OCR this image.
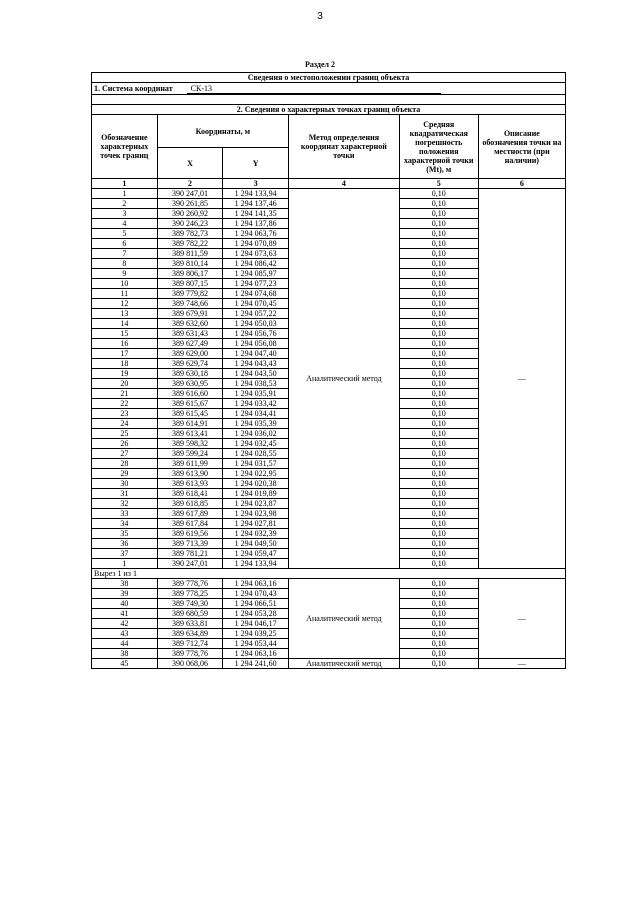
3
Раздел 2
Сведения о местоположении границ объекта					
1. Система координат СК-13					

2. Сведения о характерных точках границ объекта					
Обозначение характерных точек границ	Координаты, м		Метод определения координат характерной точки	Средняя квадратическая погрешность положения характерной точки (Mt), м	Описание обозначения точки на местности (при наличии)
	X	Y			
1	2	3	4	5	6
1	390 247,01	1 294 133,94	Аналитический метод	0,10	—
2	390 261,85	1 294 137,46		0,10	
3	390 260,92	1 294 141,35		0,10	
4	390 246,23	1 294 137,86		0,10	
5	389 782,73	1 294 063,76		0,10	
6	389 782,22	1 294 070,89		0,10	
7	389 811,59	1 294 073,63		0,10	
8	389 810,14	1 294 086,42		0,10	
9	389 806,17	1 294 085,97		0,10	
10	389 807,15	1 294 077,23		0,10	
11	389 779,82	1 294 074,68		0,10	
12	389 748,66	1 294 070,45		0,10	
13	389 679,91	1 294 057,22		0,10	
14	389 632,60	1 294 050,03		0,10	
15	389 631,43	1 294 056,76		0,10	
16	389 627,49	1 294 056,08		0,10	
17	389 629,00	1 294 047,40		0,10	
18	389 629,74	1 294 043,43		0,10	
19	389 630,18	1 294 043,50		0,10	
20	389 630,95	1 294 038,53		0,10	
21	389 616,60	1 294 035,91		0,10	
22	389 615,67	1 294 033,42		0,10	
23	389 615,45	1 294 034,41		0,10	
24	389 614,91	1 294 035,39		0,10	
25	389 613,41	1 294 036,02		0,10	
26	389 598,32	1 294 032,45		0,10	
27	389 599,24	1 294 028,55		0,10	
28	389 611,99	1 294 031,57		0,10	
29	389 613,90	1 294 022,95		0,10	
30	389 613,93	1 294 020,38		0,10	
31	389 618,41	1 294 019,89		0,10	
32	389 618,85	1 294 023,87		0,10	
33	389 617,89	1 294 023,98		0,10	
34	389 617,84	1 294 027,81		0,10	
35	389 619,56	1 294 032,39		0,10	
36	389 713,39	1 294 049,50		0,10	
37	389 781,21	1 294 059,47		0,10	
1	390 247,01	1 294 133,94		0,10	
Вырез 1 из 1					
38	389 778,76	1 294 063,16	Аналитический метод	0,10	—
39	389 778,25	1 294 070,43		0,10	
40	389 749,30	1 294 066,51		0,10	
41	389 680,59	1 294 053,28		0,10	
42	389 633,81	1 294 046,17		0,10	
43	389 634,89	1 294 039,25		0,10	
44	389 712,74	1 294 053,44		0,10	
38	389 778,76	1 294 063,16		0,10	
45	390 068,06	1 294 241,60	Аналитический метод	0,10	—
